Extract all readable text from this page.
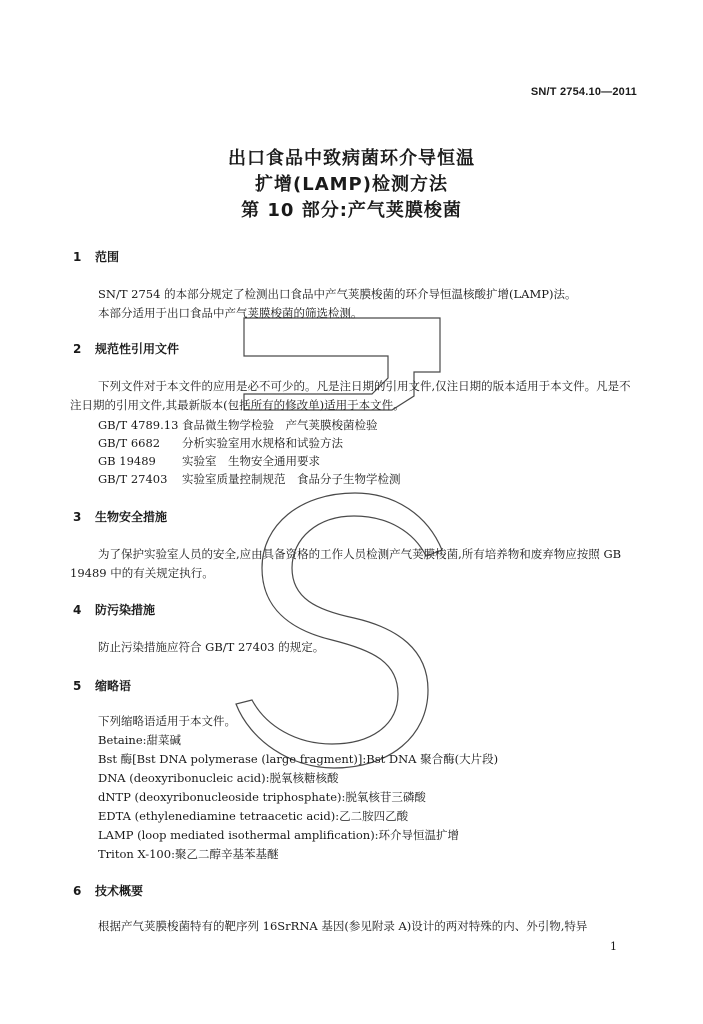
SN/T 2754.10—2011
出口食品中致病菌环介导恒温
扩增(LAMP)检测方法
第 10 部分:产气荚膜梭菌
1 范围
SN/T 2754 的本部分规定了检测出口食品中产气荚膜梭菌的环介导恒温核酸扩增(LAMP)法。
本部分适用于出口食品中产气荚膜梭菌的筛选检测。
2 规范性引用文件
下列文件对于本文件的应用是必不可少的。凡是注日期的引用文件,仅注日期的版本适用于本文件。凡是不注日期的引用文件,其最新版本(包括所有的修改单)适用于本文件。
GB/T 4789.13 食品微生物学检验　产气荚膜梭菌检验
GB/T 6682 分析实验室用水规格和试验方法
GB 19489 实验室　生物安全通用要求
GB/T 27403 实验室质量控制规范　食品分子生物学检测
3 生物安全措施
为了保护实验室人员的安全,应由具备资格的工作人员检测产气荚膜梭菌,所有培养物和废弃物应按照 GB 19489 中的有关规定执行。
4 防污染措施
防止污染措施应符合 GB/T 27403 的规定。
5 缩略语
下列缩略语适用于本文件。
Betaine:甜菜碱
Bst 酶[Bst DNA polymerase (large fragment)]:Bst DNA 聚合酶(大片段)
DNA (deoxyribonucleic acid):脱氧核糖核酸
dNTP (deoxyribonucleoside triphosphate):脱氧核苷三磷酸
EDTA (ethylenediamine tetraacetic acid):乙二胺四乙酸
LAMP (loop mediated isothermal amplification):环介导恒温扩增
Triton X-100:聚乙二醇辛基苯基醚
6 技术概要
根据产气荚膜梭菌特有的靶序列 16SrRNA 基因(参见附录 A)设计的两对特殊的内、外引物,特异
1
